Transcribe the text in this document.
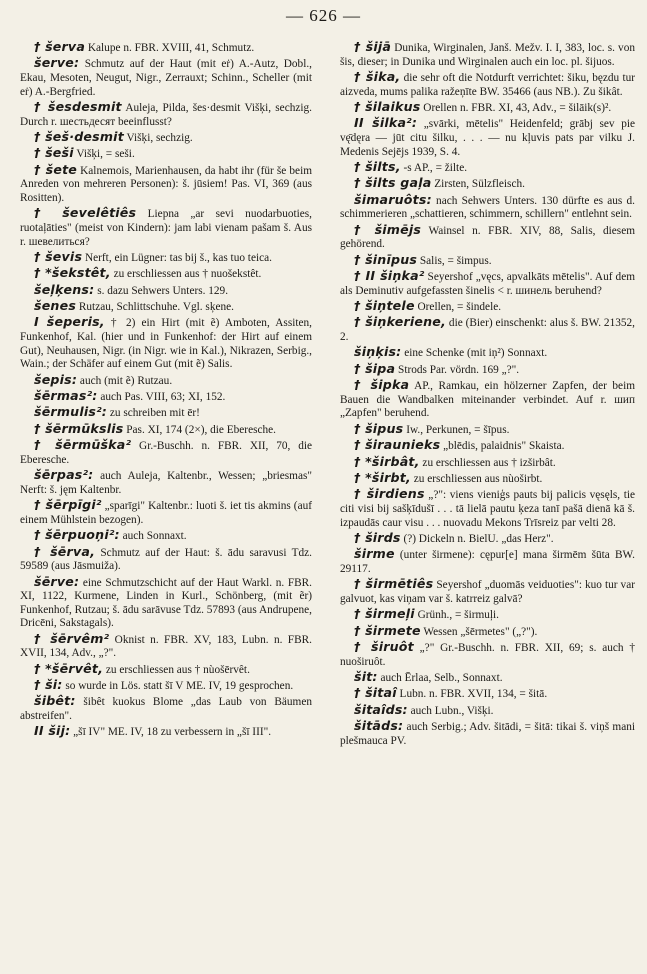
— 626 —

† šerva Kalupe n. FBR. XVIII, 41, Schmutz.

šerve: Schmutz auf der Haut (mit eṙ) A.-Autz, Dobl., Ekau, Mesoten, Neugut, Nigr., Zerrauxt; Schinn., Scheller (mit eṙ) A.-Bergfried.

† šesdesmit Auleja, Pilda, šes·desmit Višķi, sechzig. Durch r. шестьдесят beeinflusst?

† šeš·desmit Višķi, sechzig.

† šeši Višķi, = seši.

† šete Kalnemois, Marienhausen, da habt ihr (für še beim Anreden von mehreren Personen): š. jūsiem! Pas. VI, 369 (aus Rositten).

† ševelêtiês Liepna „ar sevi nuodarbuoties, ruotaļāties" (meist von Kindern): jam labi vienam pašam š. Aus r. шевелиться?

† ševis Nerft, ein Lügner: tas bij š., kas tuo teica.

† *šekstêt, zu erschliessen aus † nuošekstêt.

šeļķens: s. dazu Sehwers Unters. 129.

šenes Rutzau, Schlittschuhe. Vgl. sķene.

I šeperis, † 2) ein Hirt (mit ẽ) Amboten, Assiten, Funkenhof, Kal. (hier und in Funkenhof: der Hirt auf einem Gut), Neuhausen, Nigr. (in Nigr. wie in Kal.), Nikrazen, Serbig., Wain.; der Schäfer auf einem Gut (mit ẽ) Salis.

šepis: auch (mit ẽ) Rutzau.

šērmas²: auch Pas. VIII, 63; XI, 152.

šērmulis²: zu schreiben mit ēr!

† šērmūkslis Pas. XI, 174 (2×), die Eberesche.

† šērmūška² Gr.-Buschh. n. FBR. XII, 70, die Eberesche.

šērpas²: auch Auleja, Kaltenbr., Wessen; „briesmas" Nerft: š. jęm Kaltenbr.

† šērpīgi² „sparīgi" Kaltenbr.: luoti š. iet tis akmins (auf einem Mühlstein bezogen).

† šērpuoņi²: auch Sonnaxt.

† šērva, Schmutz auf der Haut: š. ādu saravusi Tdz. 59589 (aus Jāsmuiža).

šērve: eine Schmutzschicht auf der Haut Warkl. n. FBR. XI, 1122, Kurmene, Linden in Kurl., Schönberg, (mit ẽr) Funkenhof, Rutzau; š. ādu sarāvuse Tdz. 57893 (aus Andrupene, Dricēni, Sakstagals).

† šērvêm² Oknist n. FBR. XV, 183, Lubn. n. FBR. XVII, 134, Adv., „?".

† *šērvêt, zu erschliessen aus † nùošērvêt.

† ši: so wurde in Lös. statt šī V ME. IV, 19 gesprochen.

šibêt: šibêt kuokus Blome „das Laub von Bäumen abstreifen".

II šij: „šī IV" ME. IV, 18 zu verbessern in „šī III".

† šijā Dunika, Wirginalen, Janš. Mežv. I. I, 383, loc. s. von šis, dieser; in Dunika und Wirginalen auch ein loc. pl. šijuos.

† šika, die sehr oft die Notdurft verrichtet: šiku, bęzdu tur aizveda, mums palika ražeņīte BW. 35466 (aus NB.). Zu šikât.

† šilaikus Orellen n. FBR. XI, 43, Adv., = šilāik(s)².

II šilka²: „svārki, mētelis" Heidenfeld; grābj sev pie vę̄dęra — jūt citu šilku, . . . — nu kļuvis pats par vilku J. Medenis Sejējs 1939, S. 4.

† šilts, -s AP., = žilte.

† šilts gaļa Zirsten, Sülzfleisch.

šimaruôts: nach Sehwers Unters. 130 dürfte es aus d. schimmerieren „schattieren, schimmern, schillern" entlehnt sein.

† šimējs Wainsel n. FBR. XIV, 88, Salis, diesem gehörend.

† šinīpus Salis, = šimpus.

† II šiņka² Seyershof „vęcs, apvalkāts mētelis". Auf dem als Deminutiv aufgefassten šinelis < r. шинель beruhend?

† šiņtele Orellen, = šindele.

† šiņkeriene, die (Bier) einschenkt: alus š. BW. 21352, 2.

šiņķis: eine Schenke (mit iņ²) Sonnaxt.

† šipa Strods Par. vördn. 169 „?".

† šipka AP., Ramkau, ein hölzerner Zapfen, der beim Bauen die Wandbalken miteinander verbindet. Auf r. шип „Zapfen" beruhend.

† šipus Iw., Perkunen, = šīpus.

† širaunieks „blēdis, palaidnis" Skaista.

† *širbât, zu erschliessen aus † izširbât.

† *širbt, zu erschliessen aus nùoširbt.

† širdiens „?": viens vieniģs pauts bij palicis vęsęls, tie citi visi bij sašķīdušī . . . tā lielā pautu ķeza tanī pašā dienā kā š. izpaudās caur visu . . . nuovadu Mekons Trīsreiz par velti 28.

† širds (?) Dickeln n. BielU. „das Herz".

širme (unter širmene): cępur[e] mana širmēm šūta BW. 29117.

† širmētiês Seyershof „duomās veiduoties": kuo tur var galvuot, kas viņam var š. katrreiz galvā?

† širmeļi Grünh., = širmuļi.

† širmete Wessen „šērmetes" („?").

† širuôt „?" Gr.-Buschh. n. FBR. XII, 69; s. auch † nuoširuôt.

šit: auch Ērlaa, Selb., Sonnaxt.

† šitaî Lubn. n. FBR. XVII, 134, = šitā.

šitaîds: auch Lubn., Višķi.

šitāds: auch Serbig.; Adv. šitādi, = šitā: tikai š. viņš mani plešmauca PV.
